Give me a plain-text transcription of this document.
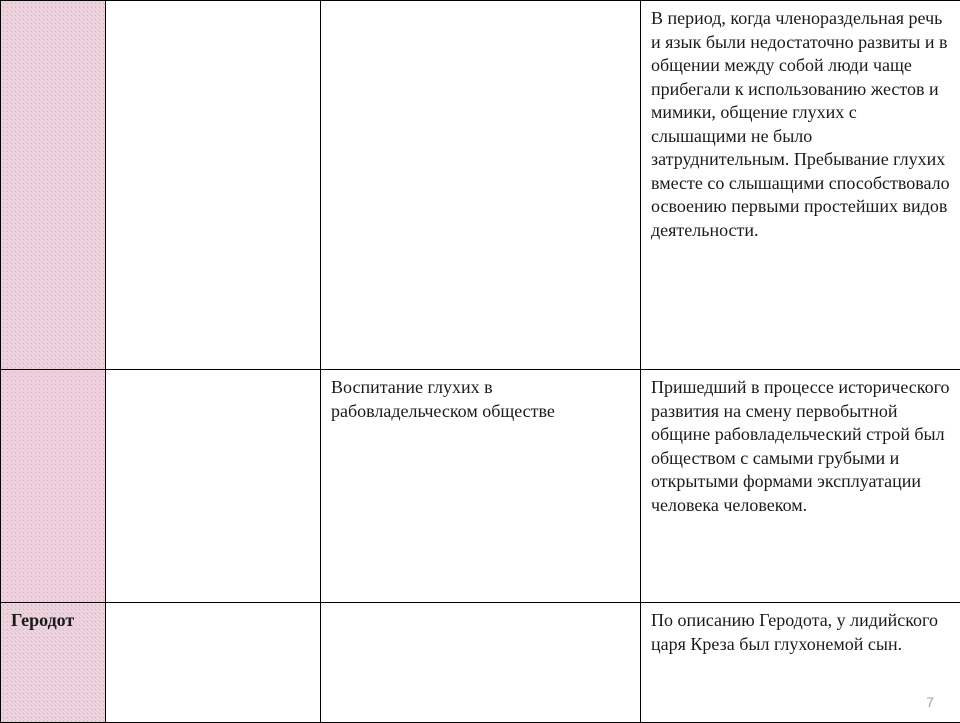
			В период, когда членораздельная речь и язык были недостаточно развиты и в общении между собой люди чаще прибегали к использованию жестов и мимики, общение глухих с слышащими не было затруднительным. Пребывание глухих вместе со слышащими способствовало освоению первыми простейших видов деятельности.
		Воспитание глухих в рабовладельческом обществе	Пришедший в процессе исторического развития на смену первобытной общине рабовладельческий строй был обществом с самыми грубыми и открытыми формами эксплуатации человека человеком.
Геродот			По описанию Геродота, у лидийского царя Креза был глухонемой сын.
7
